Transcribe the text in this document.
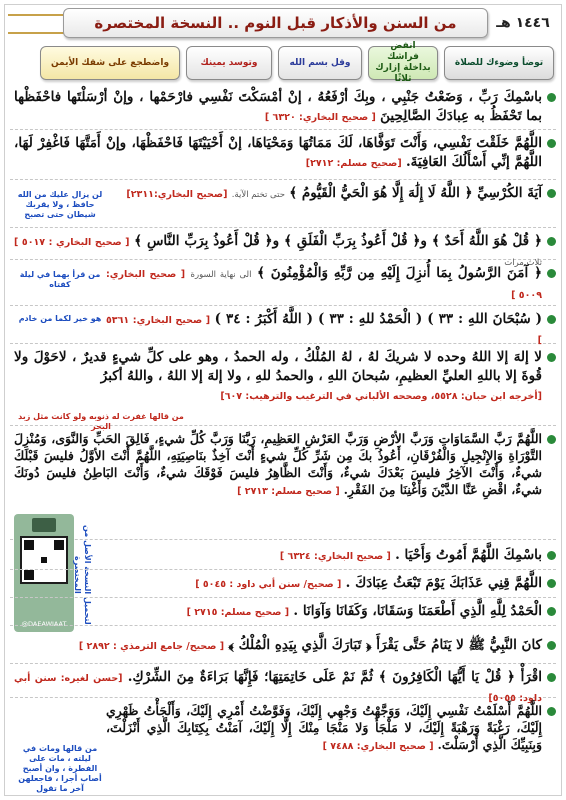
من السنن والأذكار قبل النوم .. النسخة المختصرة	١٤٤٦ هـ
توضأ وضوءك للصلاة
انفض فراشك بداخلة إزارك ثلاثًا
وقل بسم الله
وتوسد يمينك
واضطجع على شقك الأيمن
باسْمِكَ رَبِّ ، وَضَعْتُ جَنْبِي ، وبِكَ أرْفَعُهُ ، إنْ أمْسَكْتَ نَفْسِي فارْحَمْها ، وإنْ أرْسَلْتَها فاحْفَظْها بما تَحْفَظُ به عِبادَكَ الصَّالِحِينَ [ صحيح البخاري: ٦٣٢٠ ]
اللَّهُمَّ خَلَقْتَ نَفْسِي، وَأَنْتَ تَوَفَّاهَا، لَكَ مَمَاتُهَا وَمَحْيَاهَا، إنْ أَحْيَيْتَهَا فَاحْفَظْهَا، وإنْ أَمَتَّهَا فَاغْفِرْ لَهَا، اللَّهُمَّ إنِّي أَسْأَلُكَ العَافِيَةَ. [صحيح مسلم: ٢٧١٢]
آيَةَ الكُرْسِيِّ ﴿ اللَّهُ لَا إِلَٰهَ إِلَّا هُوَ الْحَيُّ الْقَيُّومُ ﴾ حتى تختم الآية. [صحيح البخاري:٢٣١١]
لن يزال عليك من الله حافظ ، ولا يقربك شيطان حتى تصبح
﴿ قُلْ هُوَ اللَّهُ أَحَدٌ ﴾ و﴿ قُلْ أَعُوذُ بِرَبِّ الْفَلَقِ ﴾ و﴿ قُلْ أَعُوذُ بِرَبِّ النَّاسِ ﴾ [ صحيح البخاري : ٥٠١٧ ] ثلاث مرات
﴿ آمَنَ الرَّسُولُ بِمَا أُنزِلَ إِلَيْهِ مِن رَّبِّهِ وَالْمُؤْمِنُونَ ﴾ الى نهاية السورة [ صحيح البخاري: ٥٠٠٩ ]
من قرأ بهما في ليلة كفتاه
( سُبْحَانَ اللهِ : ٣٣ ) ( الْحَمْدُ للهِ : ٣٣ ) ( اللَّهُ أَكْبَرُ : ٣٤ ) [ صحيح البخاري: ٥٣٦١ ]
هو خير لكما من خادم
لا إلهَ إلا اللهُ وحده لا شريكَ لهُ ، لهُ المُلْكُ ، وله الحمدُ ، وهو على كلِّ شيءٍ قديرٌ ، لاحَوْلَ ولا قُوةَ إلا باللهِ العليِّ العظيمِ، سُبحانَ اللهِ ، والحمدُ للهِ ، ولا إلهَ إلا اللهُ ، واللهُ أكبرُ
[أخرجه ابن حبان: ٥٥٢٨، وصححه الألباني في الترغيب والترهيب: ٦٠٧]
من قالها غفرت له ذنوبه ولو كانت مثل زبد البحر
اللَّهُمَّ رَبَّ السَّمَاوَاتِ وَرَبَّ الأرْضِ وَرَبَّ العَرْشِ العَظِيمِ، رَبَّنَا وَرَبَّ كُلِّ شيءٍ، فَالِقَ الحَبِّ وَالنَّوَى، وَمُنْزِلَ التَّوْرَاةِ وَالإِنْجِيلِ وَالْفُرْقَانِ، أَعُوذُ بكَ مِن شَرِّ كُلِّ شيءٍ أَنْتَ آخِذٌ بنَاصِيَتِهِ، اللَّهُمَّ أَنْتَ الأوَّلُ فليسَ قَبْلَكَ شيءٌ، وَأَنْتَ الآخِرُ فليسَ بَعْدَكَ شيءٌ، وَأَنْتَ الظَّاهِرُ فليسَ فَوْقَكَ شيءٌ، وَأَنْتَ البَاطِنُ فليسَ دُونَكَ شيءٌ، اقْضِ عَنَّا الدَّيْنَ وَأَغْنِنَا مِنَ الفَقْرِ. [ صحيح مسلم: ٢٧١٣ ]
@DAEAWIAAT	لتحميل النسخة الأصل من المختصرة
باسْمِكَ اللَّهُمَّ أَمُوتُ وَأَحْيَا . [ صحيح البخاري: ٦٣٢٤ ]
اللَّهُمَّ قِنِي عَذَابَكَ يَوْمَ تَبْعَثُ عِبَادَكَ . [ صحيح/ سنن أبي داود : ٥٠٤٥ ]
الْحَمْدُ لِلَّهِ الَّذِي أَطْعَمَنَا وَسَقَانَا، وَكَفَانَا وَآوَانَا . [ صحيح مسلم: ٢٧١٥ ]
كانَ النَّبِيُّ ﷺ لا يَنَامُ حَتَّى يَقْرَأَ ﴿ تَبَارَكَ الَّذِي بِيَدِهِ الْمُلْكُ ﴾ [ صحيح/ جامع الترمذي : ٢٨٩٢ ]
اقْرَأْ ﴿ قُلْ يَا أَيُّهَا الْكَافِرُونَ ﴾ ثُمَّ نَمْ عَلَى خَاتِمَتِهَا؛ فَإِنَّهَا بَرَاءَةٌ مِنَ الشِّرْكِ. [حسن لغيره: سنن أبي داود: ٥٠٥٥]
اللَّهُمَّ أَسْلَمْتُ نَفْسِي إِلَيْكَ، وَوَجَّهْتُ وَجْهِي إِلَيْكَ، وَفَوَّضْتُ أَمْرِي إِلَيْكَ، وَأَلْجَأْتُ ظَهْرِي إِلَيْكَ، رَغْبَةً وَرَهْبَةً إِلَيْكَ، لا مَلْجَأَ وَلا مَنْجَا مِنْكَ إِلَّا إِلَيْكَ، آمَنْتُ بِكِتَابِكَ الَّذِي أَنْزَلْتَ، وَبِنَبِيِّكَ الَّذِي أَرْسَلْتَ. [ صحيح البخاري: ٧٤٨٨ ]
من قالها ومات في ليلته ، مات على الفطرة ، وان أصبح أصاب أجرا ، فاجعلهن آخر ما تقول
